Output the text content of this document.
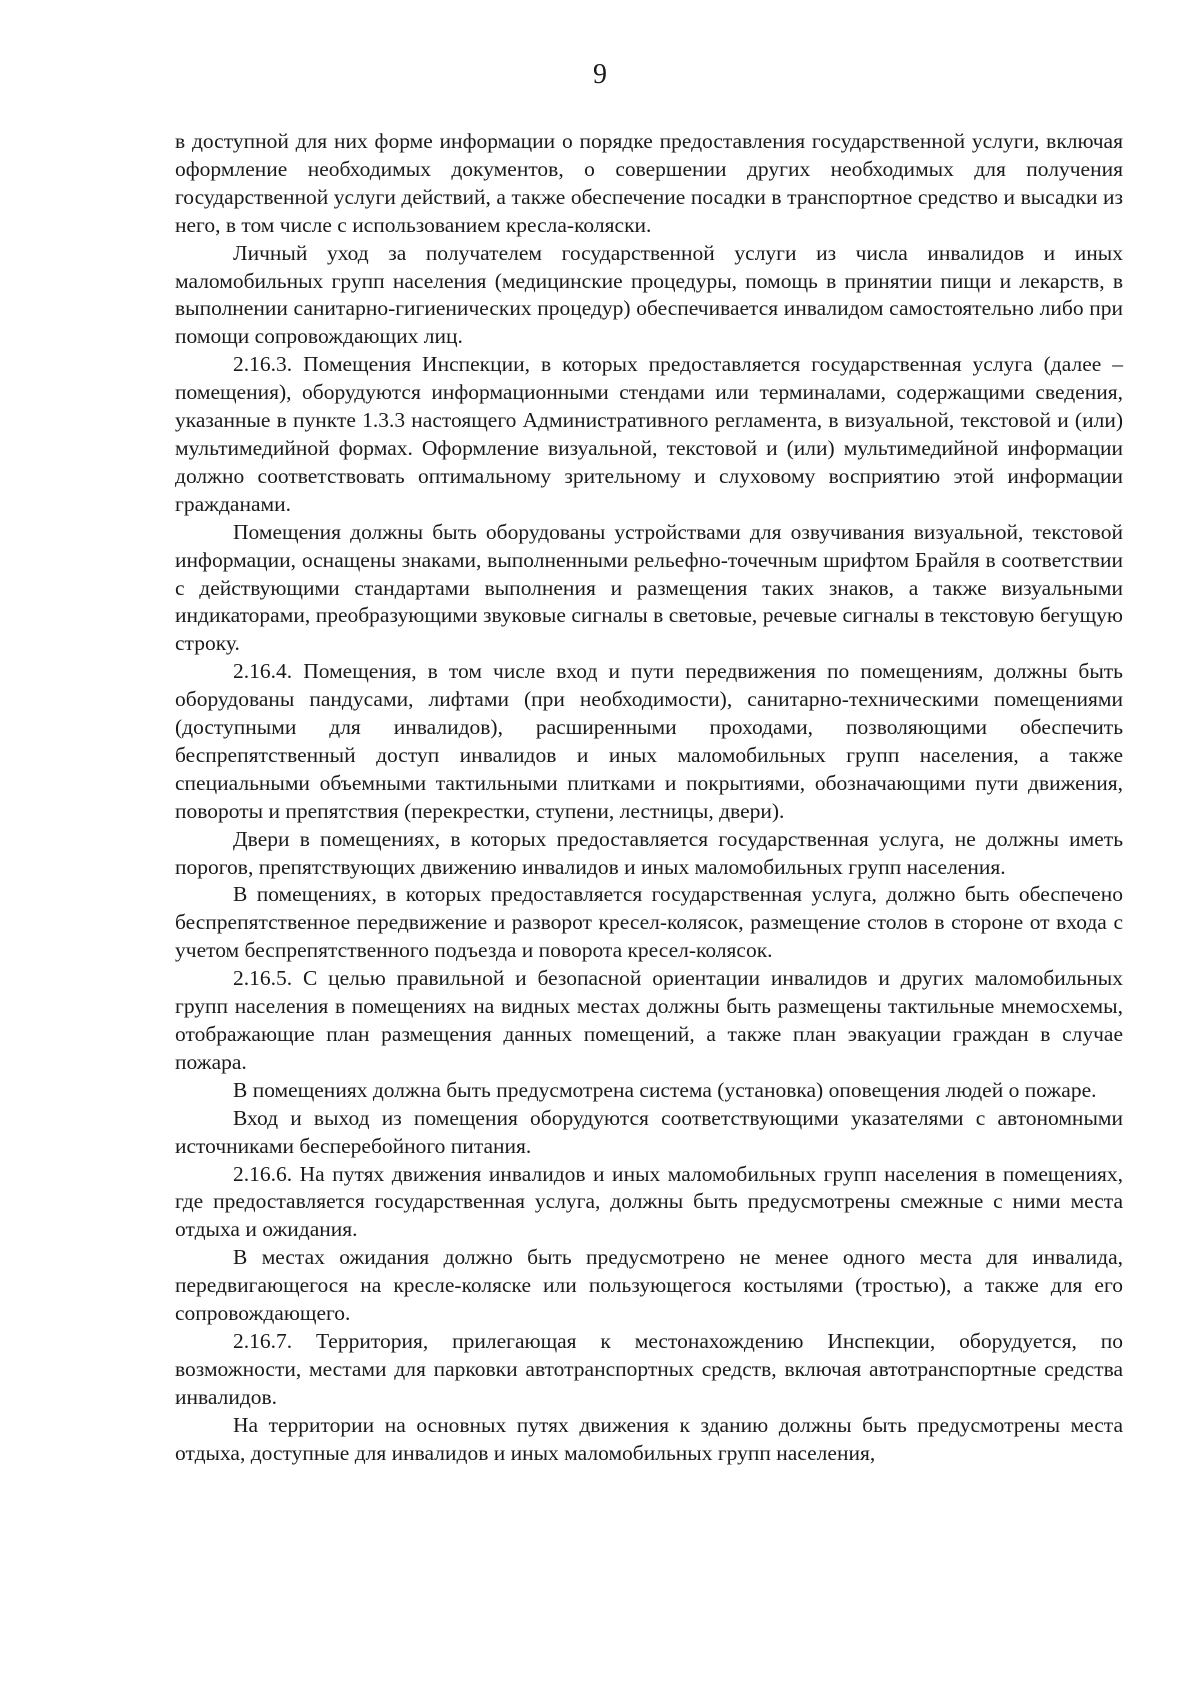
9

в доступной для них форме информации о порядке предоставления государственной услуги, включая оформление необходимых документов, о совершении других необходимых для получения государственной услуги действий, а также обеспечение посадки в транспортное средство и высадки из него, в том числе с использованием кресла-коляски.

Личный уход за получателем государственной услуги из числа инвалидов и иных маломобильных групп населения (медицинские процедуры, помощь в принятии пищи и лекарств, в выполнении санитарно-гигиенических процедур) обеспечивается инвалидом самостоятельно либо при помощи сопровождающих лиц.

2.16.3. Помещения Инспекции, в которых предоставляется государственная услуга (далее – помещения), оборудуются информационными стендами или терминалами, содержащими сведения, указанные в пункте 1.3.3 настоящего Административного регламента, в визуальной, текстовой и (или) мультимедийной формах. Оформление визуальной, текстовой и (или) мультимедийной информации должно соответствовать оптимальному зрительному и слуховому восприятию этой информации гражданами.

Помещения должны быть оборудованы устройствами для озвучивания визуальной, текстовой информации, оснащены знаками, выполненными рельефно-точечным шрифтом Брайля в соответствии с действующими стандартами выполнения и размещения таких знаков, а также визуальными индикаторами, преобразующими звуковые сигналы в световые, речевые сигналы в текстовую бегущую строку.

2.16.4. Помещения, в том числе вход и пути передвижения по помещениям, должны быть оборудованы пандусами, лифтами (при необходимости), санитарно-техническими помещениями (доступными для инвалидов), расширенными проходами, позволяющими обеспечить беспрепятственный доступ инвалидов и иных маломобильных групп населения, а также специальными объемными тактильными плитками и покрытиями, обозначающими пути движения, повороты и препятствия (перекрестки, ступени, лестницы, двери).

Двери в помещениях, в которых предоставляется государственная услуга, не должны иметь порогов, препятствующих движению инвалидов и иных маломобильных групп населения.

В помещениях, в которых предоставляется государственная услуга, должно быть обеспечено беспрепятственное передвижение и разворот кресел-колясок, размещение столов в стороне от входа с учетом беспрепятственного подъезда и поворота кресел-колясок.

2.16.5. С целью правильной и безопасной ориентации инвалидов и других маломобильных групп населения в помещениях на видных местах должны быть размещены тактильные мнемосхемы, отображающие план размещения данных помещений, а также план эвакуации граждан в случае пожара.

В помещениях должна быть предусмотрена система (установка) оповещения людей о пожаре.

Вход и выход из помещения оборудуются соответствующими указателями с автономными источниками бесперебойного питания.

2.16.6. На путях движения инвалидов и иных маломобильных групп населения в помещениях, где предоставляется государственная услуга, должны быть предусмотрены смежные с ними места отдыха и ожидания.

В местах ожидания должно быть предусмотрено не менее одного места для инвалида, передвигающегося на кресле-коляске или пользующегося костылями (тростью), а также для его сопровождающего.

2.16.7. Территория, прилегающая к местонахождению Инспекции, оборудуется, по возможности, местами для парковки автотранспортных средств, включая автотранспортные средства инвалидов.

На территории на основных путях движения к зданию должны быть предусмотрены места отдыха, доступные для инвалидов и иных маломобильных групп населения,
